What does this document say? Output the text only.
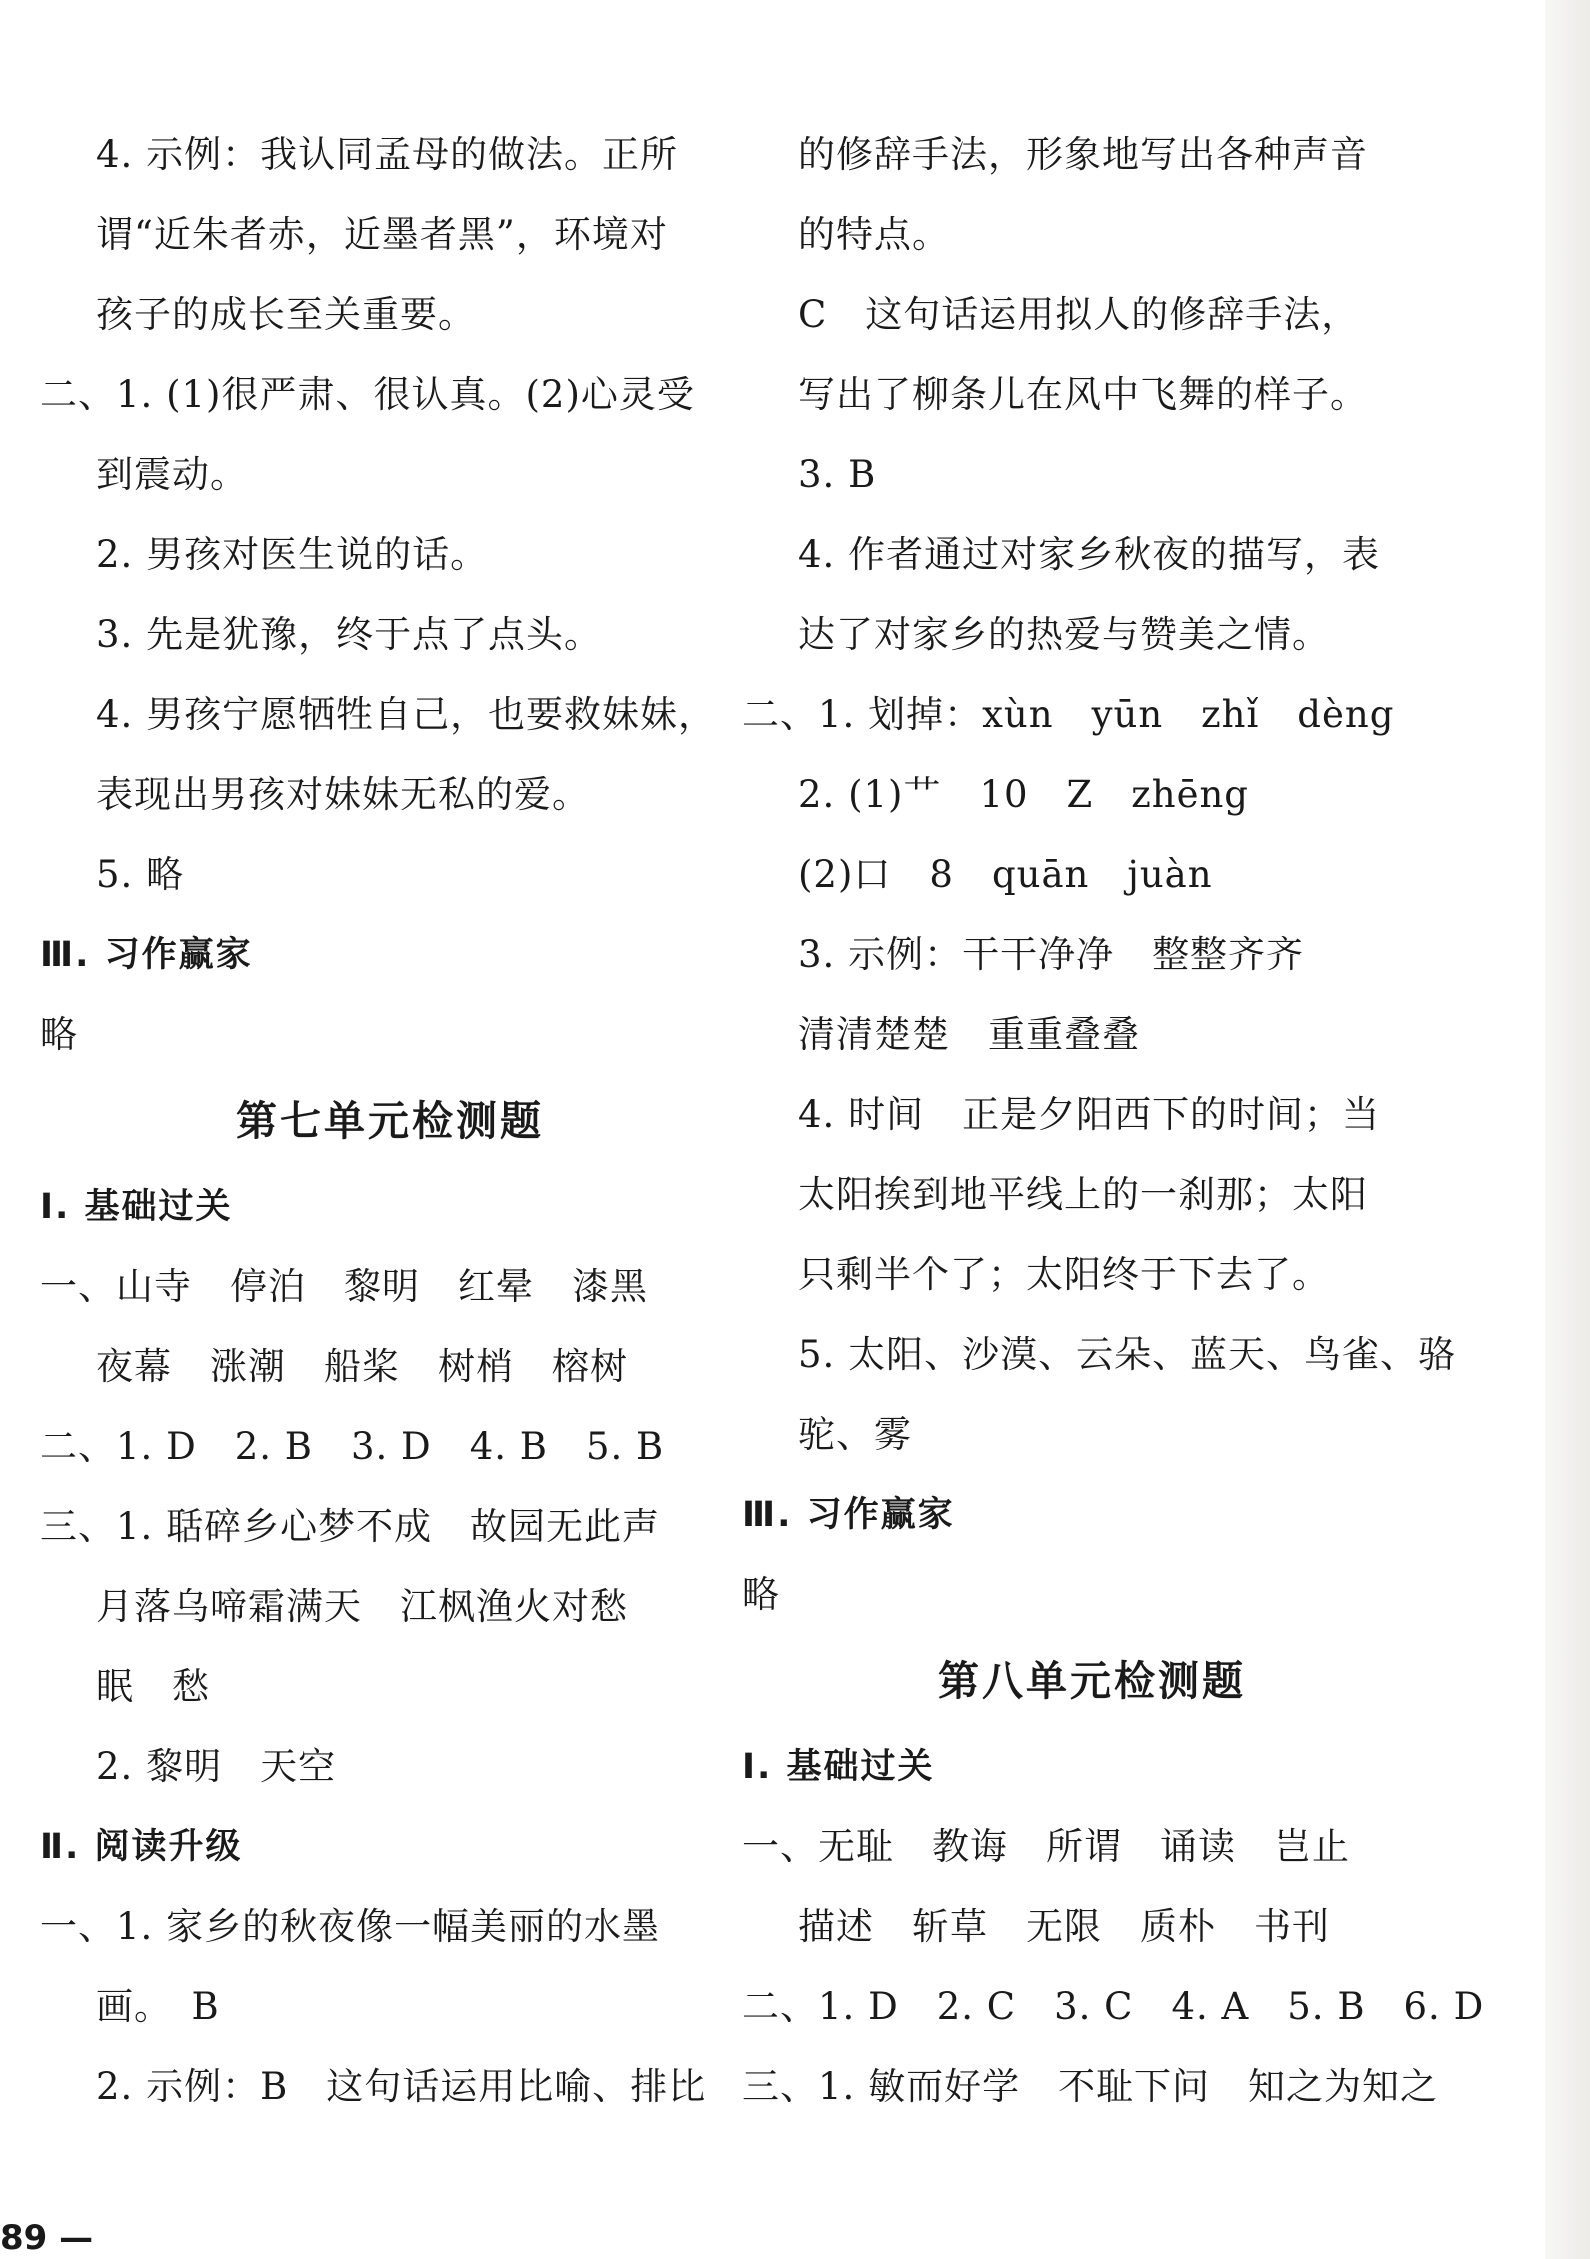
4. 示例：我认同孟母的做法。正所
谓“近朱者赤，近墨者黑”，环境对
孩子的成长至关重要。
二、1. (1)很严肃、很认真。(2)心灵受
到震动。
2. 男孩对医生说的话。
3. 先是犹豫，终于点了点头。
4. 男孩宁愿牺牲自己，也要救妹妹，
表现出男孩对妹妹无私的爱。
5. 略
Ⅲ. 习作赢家
略
第七单元检测题
Ⅰ. 基础过关
一、山寺　停泊　黎明　红晕　漆黑
夜幕　涨潮　船桨　树梢　榕树
二、1. D　2. B　3. D　4. B　5. B
三、1. 聒碎乡心梦不成　故园无此声
月落乌啼霜满天　江枫渔火对愁
眠　愁
2. 黎明　天空
Ⅱ. 阅读升级
一、1. 家乡的秋夜像一幅美丽的水墨
画。　B
2. 示例：B　这句话运用比喻、排比
的修辞手法，形象地写出各种声音
的特点。
C　这句话运用拟人的修辞手法，
写出了柳条儿在风中飞舞的样子。
3. B
4. 作者通过对家乡秋夜的描写，表
达了对家乡的热爱与赞美之情。
二、1. 划掉：xùn　yūn　zhǐ　dèng
2. (1)艹　10　Z　zhēng
(2)口　8　quān　juàn
3. 示例：干干净净　整整齐齐
清清楚楚　重重叠叠
4. 时间　正是夕阳西下的时间；当
太阳挨到地平线上的一刹那；太阳
只剩半个了；太阳终于下去了。
5. 太阳、沙漠、云朵、蓝天、鸟雀、骆
驼、雾
Ⅲ. 习作赢家
略
第八单元检测题
Ⅰ. 基础过关
一、无耻　教诲　所谓　诵读　岂止
描述　斩草　无限　质朴　书刊
二、1. D　2. C　3. C　4. A　5. B　6. D
三、1. 敏而好学　不耻下问　知之为知之
89 —
